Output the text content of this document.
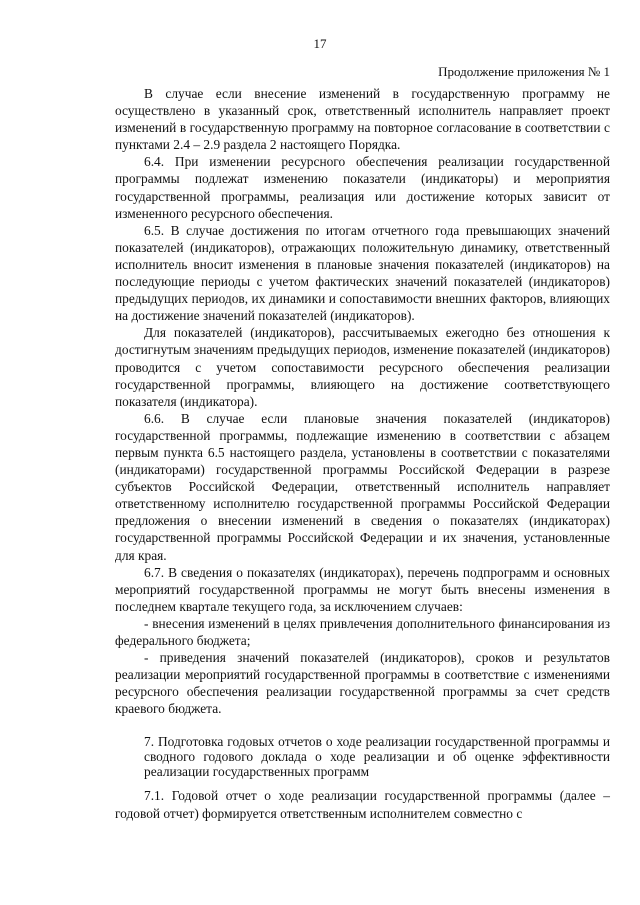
17
Продолжение приложения № 1

В случае если внесение изменений в государственную программу не осуществлено в указанный срок, ответственный исполнитель направляет проект изменений в государственную программу на повторное согласование в соответствии с пунктами 2.4 – 2.9 раздела 2 настоящего Порядка.

6.4. При изменении ресурсного обеспечения реализации государственной программы подлежат изменению показатели (индикаторы) и мероприятия государственной программы, реализация или достижение которых зависит от измененного ресурсного обеспечения.

6.5. В случае достижения по итогам отчетного года превышающих значений показателей (индикаторов), отражающих положительную динамику, ответственный исполнитель вносит изменения в плановые значения показателей (индикаторов) на последующие периоды с учетом фактических значений показателей (индикаторов) предыдущих периодов, их динамики и сопоставимости внешних факторов, влияющих на достижение значений показателей (индикаторов).

Для показателей (индикаторов), рассчитываемых ежегодно без отношения к достигнутым значениям предыдущих периодов, изменение показателей (индикаторов) проводится с учетом сопоставимости ресурсного обеспечения реализации государственной программы, влияющего на достижение соответствующего показателя (индикатора).

6.6. В случае если плановые значения показателей (индикаторов) государственной программы, подлежащие изменению в соответствии с абзацем первым пункта 6.5 настоящего раздела, установлены в соответствии с показателями (индикаторами) государственной программы Российской Федерации в разрезе субъектов Российской Федерации, ответственный исполнитель направляет ответственному исполнителю государственной программы Российской Федерации предложения о внесении изменений в сведения о показателях (индикаторах) государственной программы Российской Федерации и их значения, установленные для края.

6.7. В сведения о показателях (индикаторах), перечень подпрограмм и основных мероприятий государственной программы не могут быть внесены изменения в последнем квартале текущего года, за исключением случаев:

- внесения изменений в целях привлечения дополнительного финансирования из федерального бюджета;

- приведения значений показателей (индикаторов), сроков и результатов реализации мероприятий государственной программы в соответствие с изменениями ресурсного обеспечения реализации государственной программы за счет средств краевого бюджета.

7. Подготовка годовых отчетов о ходе реализации государственной программы и сводного годового доклада о ходе реализации и об оценке эффективности реализации государственных программ

7.1. Годовой отчет о ходе реализации государственной программы (далее – годовой отчет) формируется ответственным исполнителем совместно с
